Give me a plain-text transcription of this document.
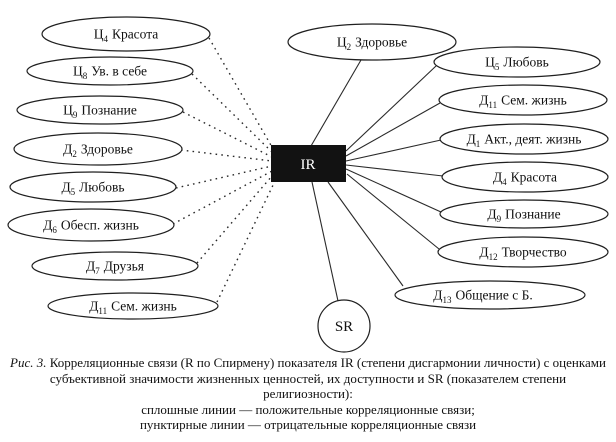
IR
SR
$Ц_4$ Красота
$Ц_8$ Ув. в себе
$Ц_9$ Познание
$Д_2$ Здоровье
$Д_5$ Любовь
$Д_6$ Обесп. жизнь
$Д_7$ Друзья
$Д_{11}$ Сем. жизнь
$Ц_2$ Здоровье
$Ц_5$ Любовь
$Д_{11}$ Сем. жизнь
$Д_1$ Акт., деят. жизнь
$Д_4$ Красота
$Д_9$ Познание
$Д_{12}$ Творчество
$Д_{13}$ Общение с Б.
Рис. 3. Корреляционные связи (R по Спирмену) показателя IR (степени дисгармонии личности) с оценками субъективной значимости жизненных ценностей, их доступности и SR (показателем степени религиозности):
сплошные линии — положительные корреляционные связи;
пунктирные линии — отрицательные корреляционные связи
